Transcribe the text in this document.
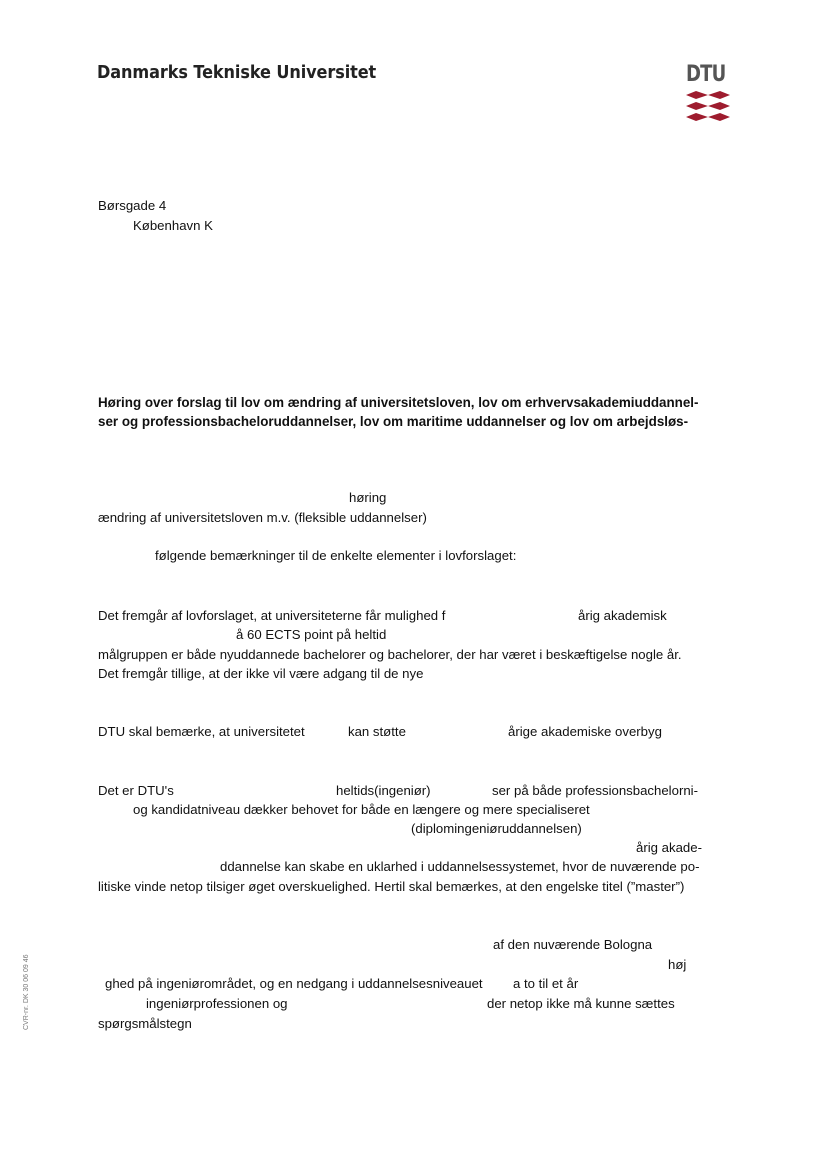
Danmarks Tekniske Universitet	DTU
Børsgade 4
København K
Høring over forslag til lov om ændring af universitetsloven, lov om erhvervsakademiuddannel-
ser og professionsbacheloruddannelser, lov om maritime uddannelser og lov om arbejdsløs-
høring
ændring af universitetsloven m.v. (fleksible uddannelser)
følgende bemærkninger til de enkelte elementer i lovforslaget:
Det fremgår af lovforslaget, at universiteterne får mulighed f	årig akademisk
å 60 ECTS point på heltid
målgruppen er både nyuddannede bachelorer og bachelorer, der har været i beskæftigelse nogle år.
Det fremgår tillige, at der ikke vil være adgang til de nye
DTU skal bemærke, at universitetet	kan støtte	årige akademiske overbyg
Det er DTU's	heltids(ingeniør)	ser på både professionsbachelorni-
og kandidatniveau dækker behovet for både en længere og mere specialiseret
(diplomingeniøruddannelsen)
årig akade-
ddannelse kan skabe en uklarhed i uddannelsessystemet, hvor de nuværende po-
litiske vinde netop tilsiger øget overskuelighed. Hertil skal bemærkes, at den engelske titel (”master”)
af den nuværende Bologna
høj
ghed på ingeniørområdet, og en nedgang i uddannelsesniveauet a to til et år
ingeniørprofessionen og	der netop ikke må kunne sættes
spørgsmålstegn
CVR-nr. DK 30 06 09 46
